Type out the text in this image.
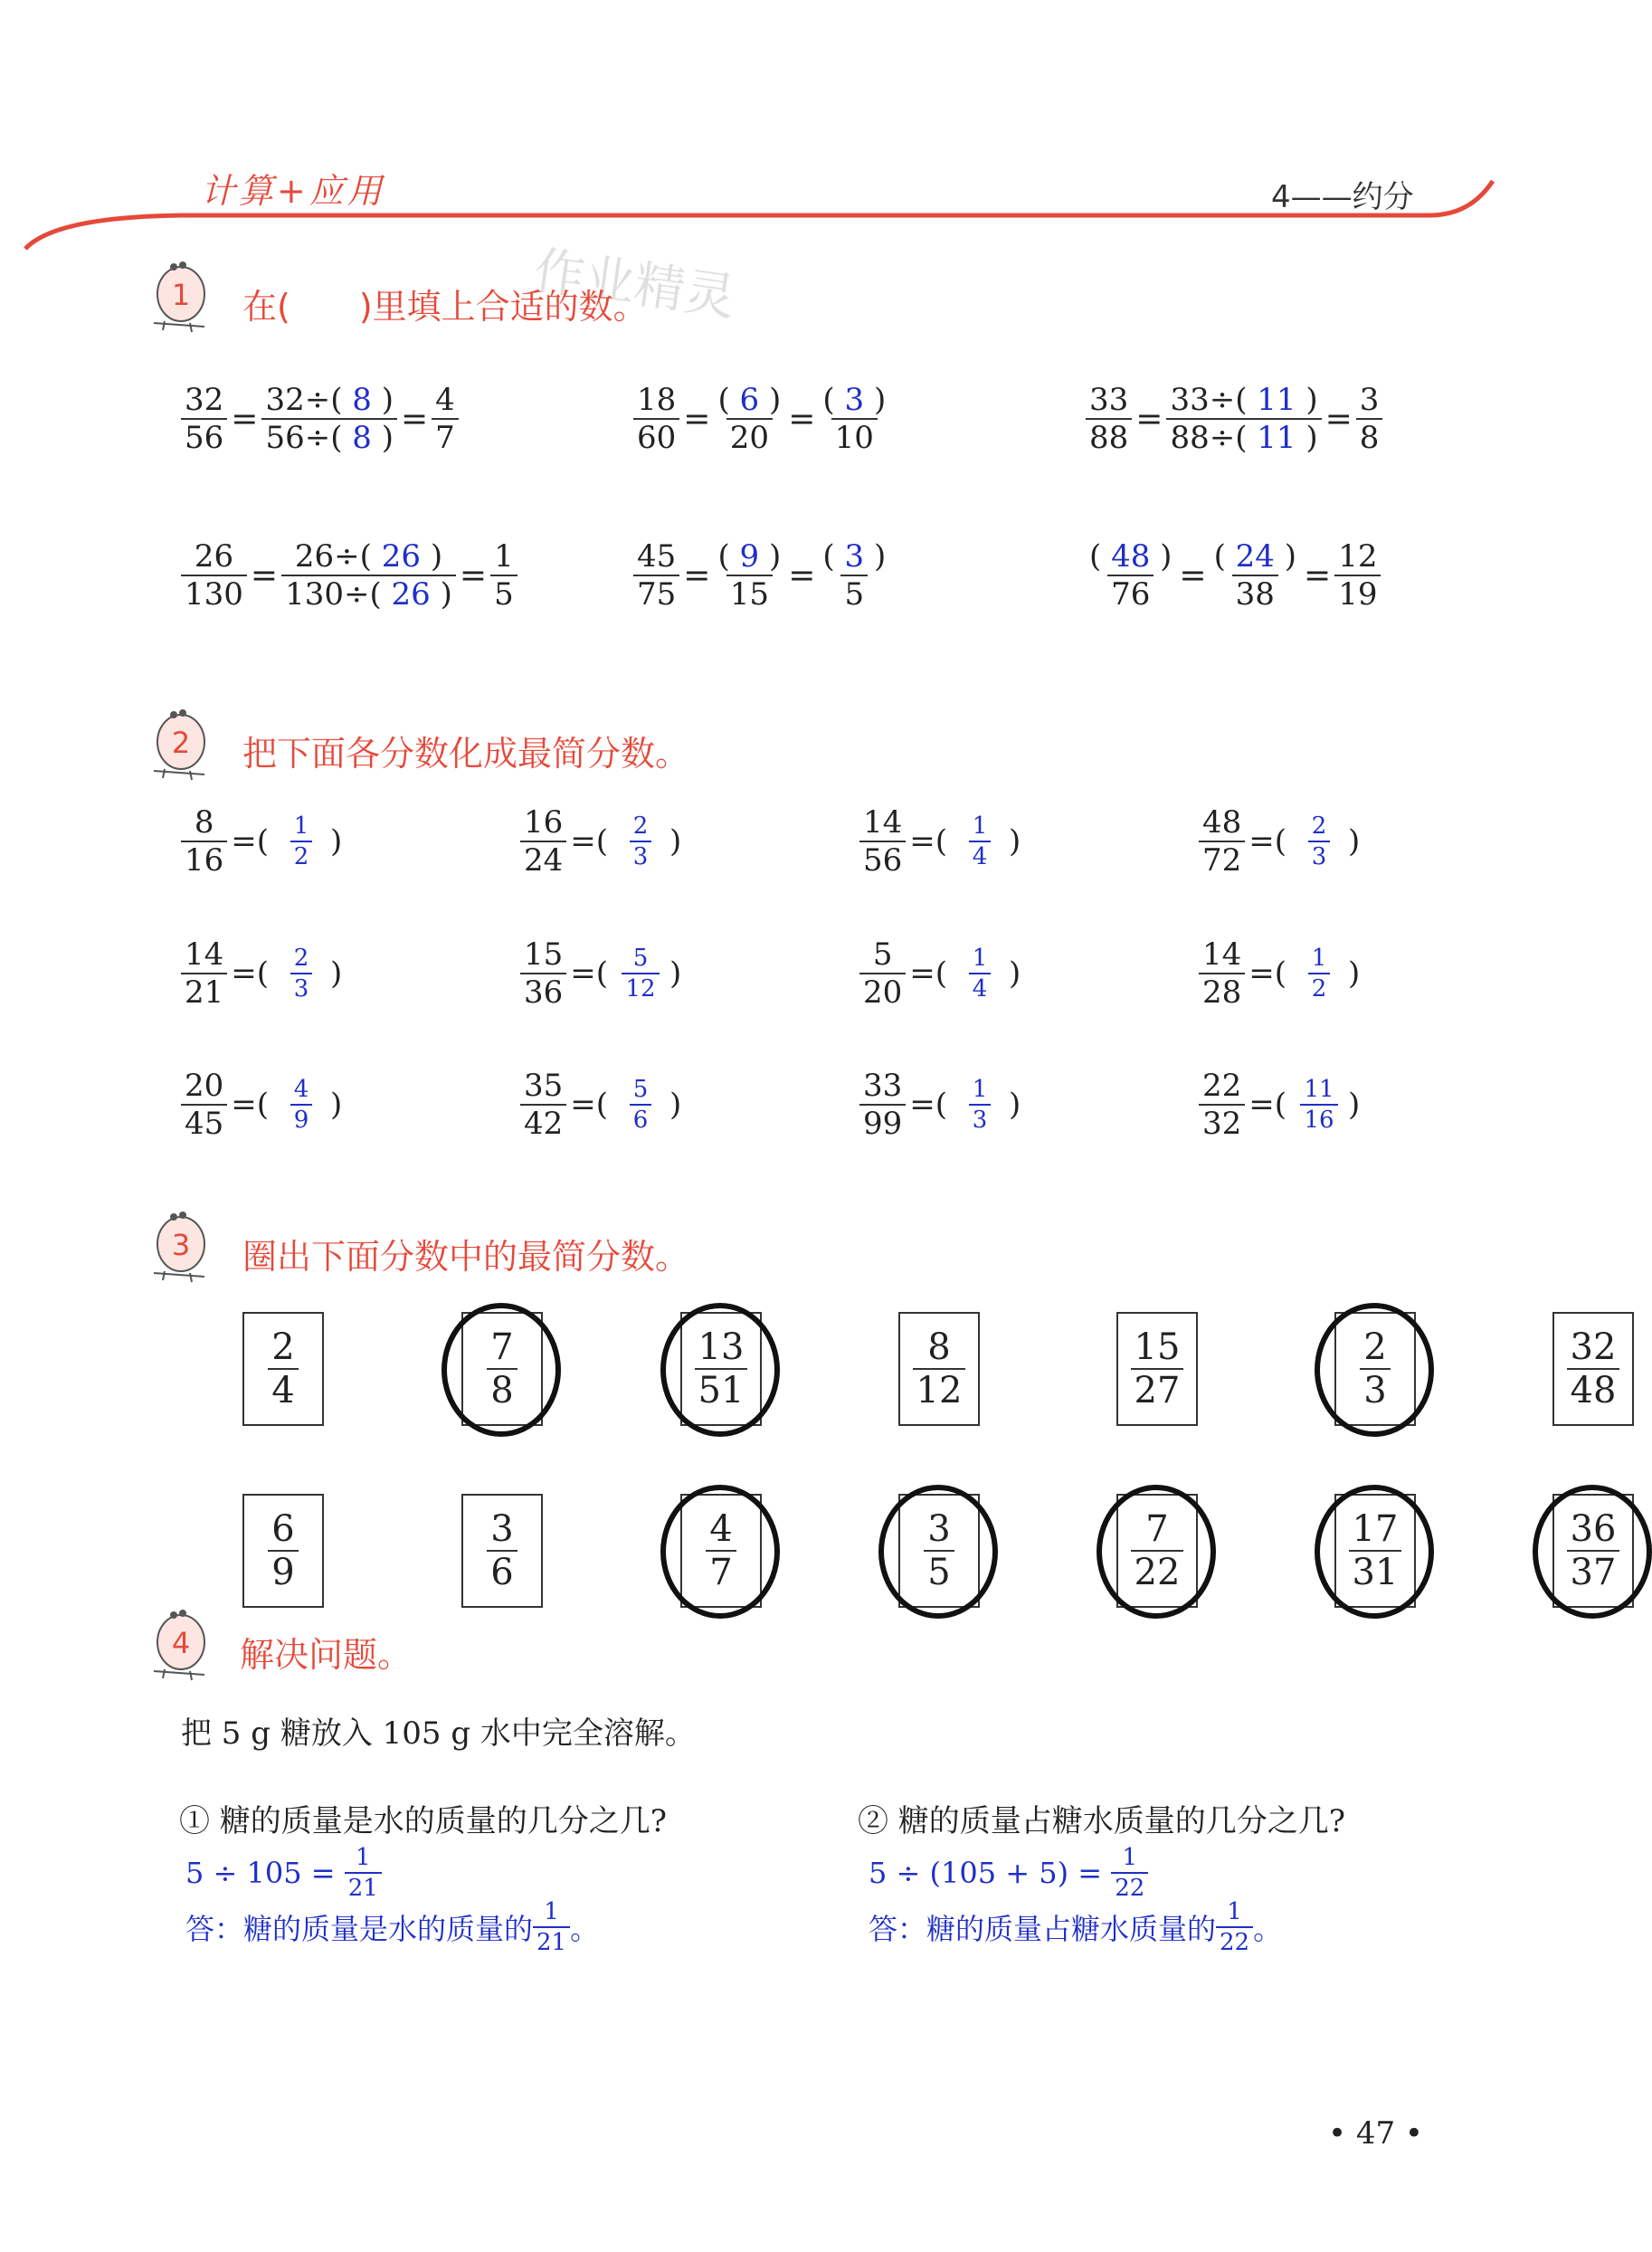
计算+应用	4——约分
作业精灵
1
2
3
4
在(　　)里填上合适的数。
$\frac{32}{56} = \frac{32\div( 8 )}{56\div( 8 )} = \frac{4}{7}$	$\frac{18}{60} = \frac{( 6 )}{20} = \frac{( 3 )}{10}$	$\frac{33}{88} = \frac{33\div( 11 )}{88\div( 11 )} = \frac{3}{8}$
$\frac{26}{130} = \frac{26\div( 26 )}{130\div( 26 )} = \frac{1}{5}$	$\frac{45}{75} = \frac{( 9 )}{15} = \frac{( 3 )}{5}$	$\frac{( 48 )}{76} = \frac{( 24 )}{38} = \frac{12}{19}$
把下面各分数化成最简分数。
$\frac{8}{16}$ =( $\frac{1}{2}$ )	$\frac{16}{24}$ =( $\frac{2}{3}$ )	$\frac{14}{56}$ =( $\frac{1}{4}$ )	$\frac{48}{72}$ =( $\frac{2}{3}$ )
$\frac{14}{21}$ =( $\frac{2}{3}$ )	$\frac{15}{36}$ =( $\frac{5}{12}$ )	$\frac{5}{20}$ =( $\frac{1}{4}$ )	$\frac{14}{28}$ =( $\frac{1}{2}$ )
$\frac{20}{45}$ =( $\frac{4}{9}$ )	$\frac{35}{42}$ =( $\frac{5}{6}$ )	$\frac{33}{99}$ =( $\frac{1}{3}$ )	$\frac{22}{32}$ =( $\frac{11}{16}$ )
圈出下面分数中的最简分数。
$\frac{2}{4}$	$\frac{7}{8}$	$\frac{13}{51}$	$\frac{8}{12}$	$\frac{15}{27}$	$\frac{2}{3}$	$\frac{32}{48}$
$\frac{6}{9}$	$\frac{3}{6}$	$\frac{4}{7}$	$\frac{3}{5}$	$\frac{7}{22}$	$\frac{17}{31}$	$\frac{36}{37}$
解决问题。
把 5 g 糖放入 105 g 水中完全溶解。
① 糖的质量是水的质量的几分之几?
5 ÷ 105 =
$\frac{1}{21}$
答：糖的质量是水的质量的 $\frac{1}{21}$ 。
② 糖的质量占糖水质量的几分之几?
5 ÷ (105 + 5) =
$\frac{1}{22}$
答：糖的质量占糖水质量的 $\frac{1}{22}$ 。
• 47 •
